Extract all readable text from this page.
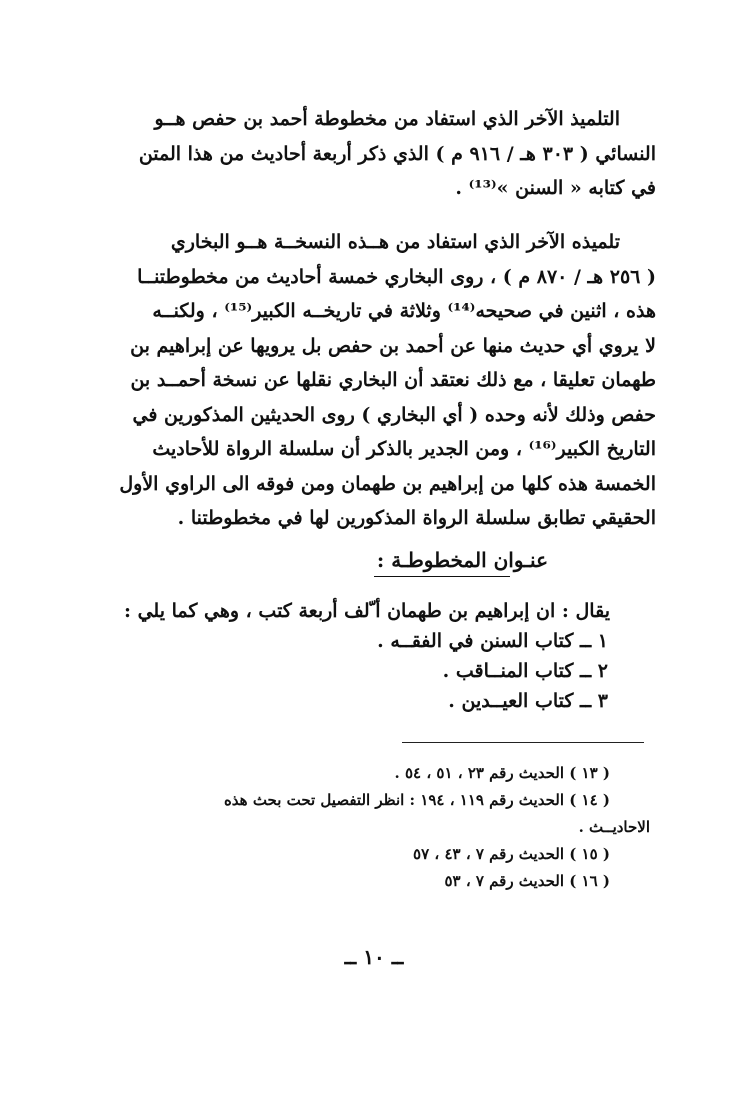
التلميذ الآخر الذي استفاد من مخطوطة أحمد بن حفص هــو
النسائي ( ٣٠٣ هـ / ٩١٦ م ) الذي ذكر أربعة أحاديث من هذا المتن
في كتابه « السنن »⁽¹³⁾ .
تلميذه الآخر الذي استفاد من هــذه النسخــة هــو البخاري
( ٢٥٦ هـ / ٨٧٠ م ) ، روى البخاري خمسة أحاديث من مخطوطتنــا
هذه ، اثنين في صحيحه⁽¹⁴⁾ وثلاثة في تاريخــه الكبير⁽¹⁵⁾ ، ولكنــه
لا يروي أي حديث منها عن أحمد بن حفص بل يرويها عن إبراهيم بن
طهمان تعليقا ، مع ذلك نعتقد أن البخاري نقلها عن نسخة أحمــد بن
حفص وذلك لأنه وحده ( أي البخاري ) روى الحديثين المذكورين في
التاريخ الكبير⁽¹⁶⁾ ، ومن الجدير بالذكر أن سلسلة الرواة للأحاديث
الخمسة هذه كلها من إبراهيم بن طهمان ومن فوقه الى الراوي الأول
الحقيقي تطابق سلسلة الرواة المذكورين لها في مخطوطتنا .
عنـوان المخطوطـة :
يقال : ان إبراهيم بن طهمان أ ّلف أربعة كتب ، وهي كما يلي :
١ ــ كتاب السنن في الفقــه .
٢ ــ كتاب المنــاقب .
٣ ــ كتاب العيــدين .
( ١٣ ) الحديث رقم ٢٣ ، ٥١ ، ٥٤ .
( ١٤ ) الحديث رقم ١١٩ ، ١٩٤ : انظر التفصيل تحت بحث هذه
الاحاديــث .
( ١٥ ) الحديث رقم ٧ ، ٤٣ ، ٥٧
( ١٦ ) الحديث رقم ٧ ، ٥٣
ــ ١٠ ــ
